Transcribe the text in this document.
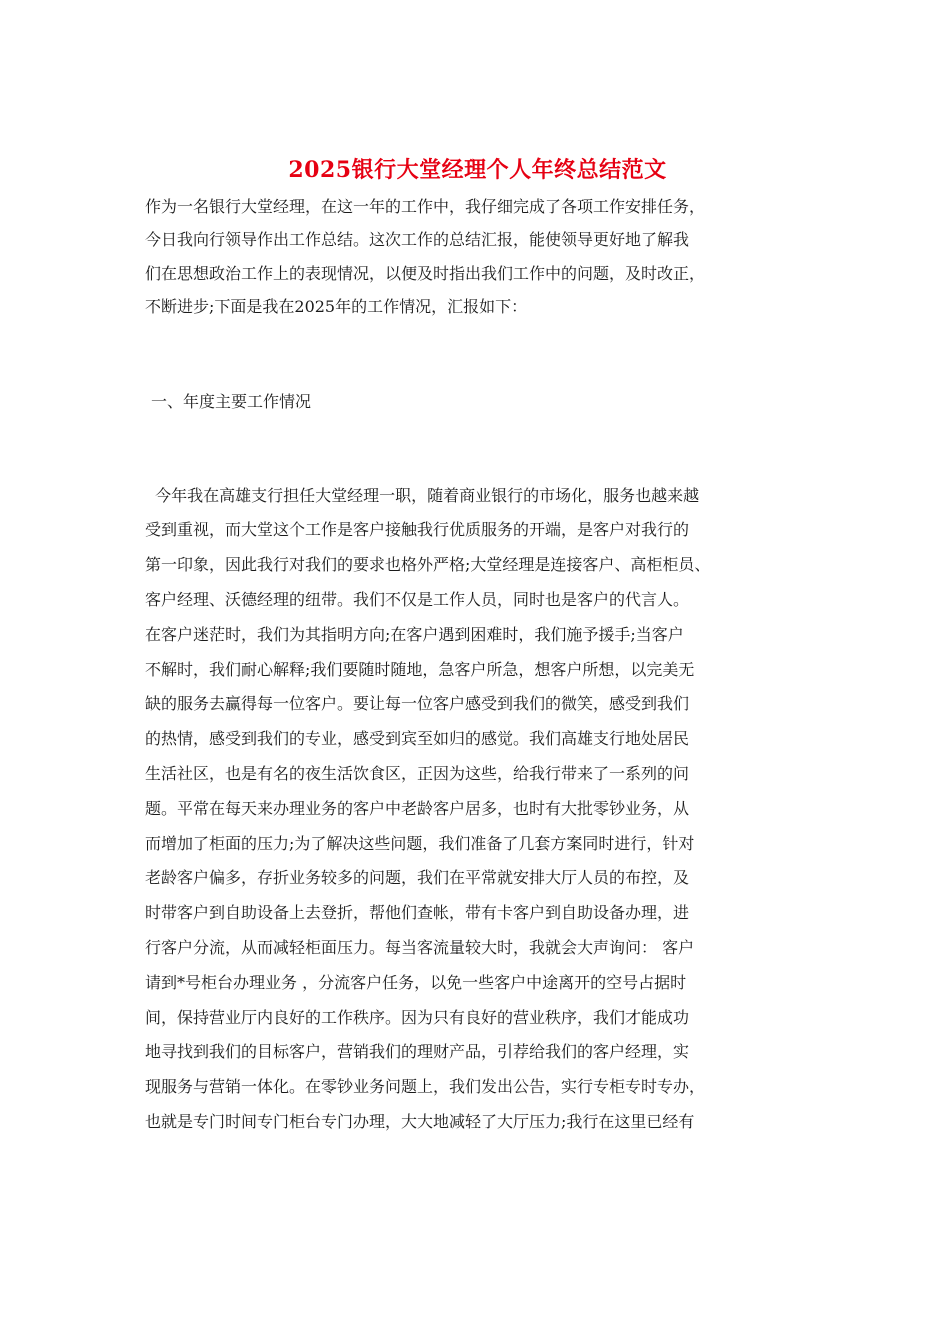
2025银行大堂经理个人年终总结范文
作为一名银行大堂经理，在这一年的工作中，我仔细完成了各项工作安排任务，
今日我向行领导作出工作总结。这次工作的总结汇报，能使领导更好地了解我
们在思想政治工作上的表现情况，以便及时指出我们工作中的问题，及时改正，
不断进步;下面是我在2025年的工作情况，汇报如下：
一、年度主要工作情况
今年我在高雄支行担任大堂经理一职，随着商业银行的市场化，服务也越来越
受到重视，而大堂这个工作是客户接触我行优质服务的开端，是客户对我行的
第一印象，因此我行对我们的要求也格外严格;大堂经理是连接客户、高柜柜员、
客户经理、沃德经理的纽带。我们不仅是工作人员，同时也是客户的代言人。
在客户迷茫时，我们为其指明方向;在客户遇到困难时，我们施予援手;当客户
不解时，我们耐心解释;我们要随时随地，急客户所急，想客户所想，以完美无
缺的服务去赢得每一位客户。要让每一位客户感受到我们的微笑，感受到我们
的热情，感受到我们的专业，感受到宾至如归的感觉。我们高雄支行地处居民
生活社区，也是有名的夜生活饮食区，正因为这些，给我行带来了一系列的问
题。平常在每天来办理业务的客户中老龄客户居多，也时有大批零钞业务，从
而增加了柜面的压力;为了解决这些问题，我们准备了几套方案同时进行，针对
老龄客户偏多，存折业务较多的问题，我们在平常就安排大厅人员的布控，及
时带客户到自助设备上去登折，帮他们查帐，带有卡客户到自助设备办理，进
行客户分流，从而减轻柜面压力。每当客流量较大时，我就会大声询问： 客户
请到*号柜台办理业务 ，分流客户任务，以免一些客户中途离开的空号占据时
间，保持营业厅内良好的工作秩序。因为只有良好的营业秩序，我们才能成功
地寻找到我们的目标客户，营销我们的理财产品，引荐给我们的客户经理，实
现服务与营销一体化。在零钞业务问题上，我们发出公告，实行专柜专时专办，
也就是专门时间专门柜台专门办理，大大地减轻了大厅压力;我行在这里已经有
